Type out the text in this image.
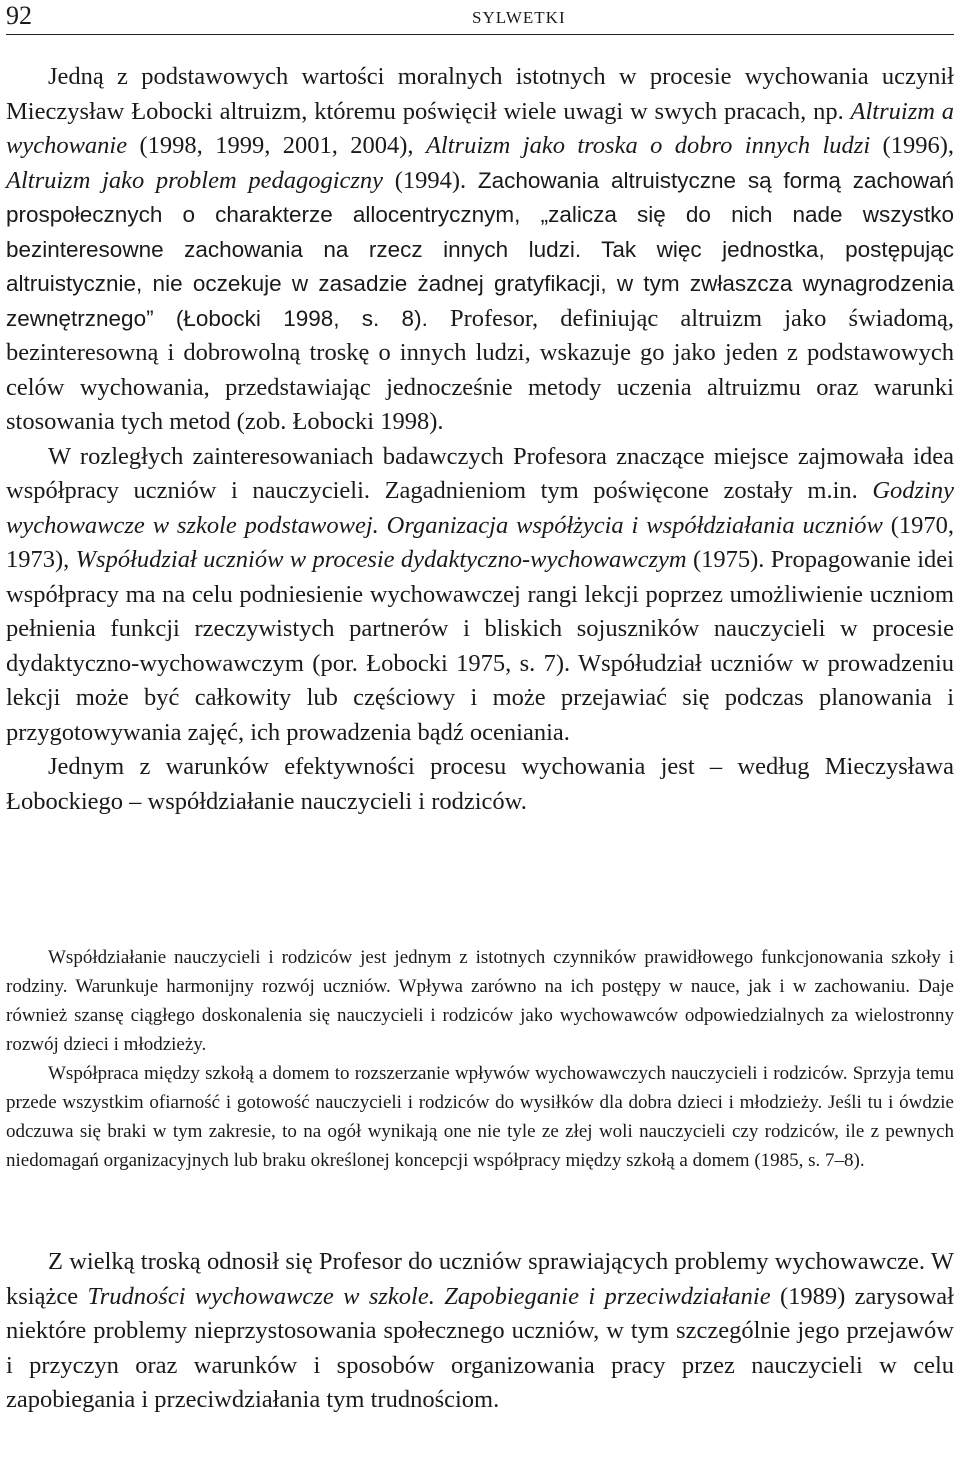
92	SYLWETKI

Jedną z podstawowych wartości moralnych istotnych w procesie wychowania uczynił Mieczysław Łobocki altruizm, któremu poświęcił wiele uwagi w swych pracach, np. Altruizm a wychowanie (1998, 1999, 2001, 2004), Altruizm jako troska o dobro innych ludzi (1996), Altruizm jako problem pedagogiczny (1994). Zachowania altruistyczne są formą zachowań prospołecznych o charakterze allocentrycznym, „zalicza się do nich nade wszystko bezinteresowne zachowania na rzecz innych ludzi. Tak więc jednostka, postępując altruistycznie, nie oczekuje w zasadzie żadnej gratyfikacji, w tym zwłaszcza wynagrodzenia zewnętrznego” (Łobocki 1998, s. 8). Profesor, definiując altruizm jako świadomą, bezinteresowną i dobrowolną troskę o innych ludzi, wskazuje go jako jeden z podstawowych celów wychowania, przedstawiając jednocześnie metody uczenia altruizmu oraz warunki stosowania tych metod (zob. Łobocki 1998).

W rozległych zainteresowaniach badawczych Profesora znaczące miejsce zajmowała idea współpracy uczniów i nauczycieli. Zagadnieniom tym poświęcone zostały m.in. Godziny wychowawcze w szkole podstawowej. Organizacja współżycia i współdziałania uczniów (1970, 1973), Współudział uczniów w procesie dydaktyczno-wychowawczym (1975). Propagowanie idei współpracy ma na celu podniesienie wychowawczej rangi lekcji poprzez umożliwienie uczniom pełnienia funkcji rzeczywistych partnerów i bliskich sojuszników nauczycieli w procesie dydaktyczno-wychowawczym (por. Łobocki 1975, s. 7). Współudział uczniów w prowadzeniu lekcji może być całkowity lub częściowy i może przejawiać się podczas planowania i przygotowywania zajęć, ich prowadzenia bądź oceniania.

Jednym z warunków efektywności procesu wychowania jest – według Mieczysława Łobockiego – współdziałanie nauczycieli i rodziców.

Współdziałanie nauczycieli i rodziców jest jednym z istotnych czynników prawidłowego funkcjonowania szkoły i rodziny. Warunkuje harmonijny rozwój uczniów. Wpływa zarówno na ich postępy w nauce, jak i w zachowaniu. Daje również szansę ciągłego doskonalenia się nauczycieli i rodziców jako wychowawców odpowiedzialnych za wielostronny rozwój dzieci i młodzieży.

Współpraca między szkołą a domem to rozszerzanie wpływów wychowawczych nauczycieli i rodziców. Sprzyja temu przede wszystkim ofiarność i gotowość nauczycieli i rodziców do wysiłków dla dobra dzieci i młodzieży. Jeśli tu i ówdzie odczuwa się braki w tym zakresie, to na ogół wynikają one nie tyle ze złej woli nauczycieli czy rodziców, ile z pewnych niedomagań organizacyjnych lub braku określonej koncepcji współpracy między szkołą a domem (1985, s. 7–8).

Z wielką troską odnosił się Profesor do uczniów sprawiających problemy wychowawcze. W książce Trudności wychowawcze w szkole. Zapobieganie i przeciwdziałanie (1989) zarysował niektóre problemy nieprzystosowania społecznego uczniów, w tym szczególnie jego przejawów i przyczyn oraz warunków i sposobów organizowania pracy przez nauczycieli w celu zapobiegania i przeciwdziałania tym trudnościom.
